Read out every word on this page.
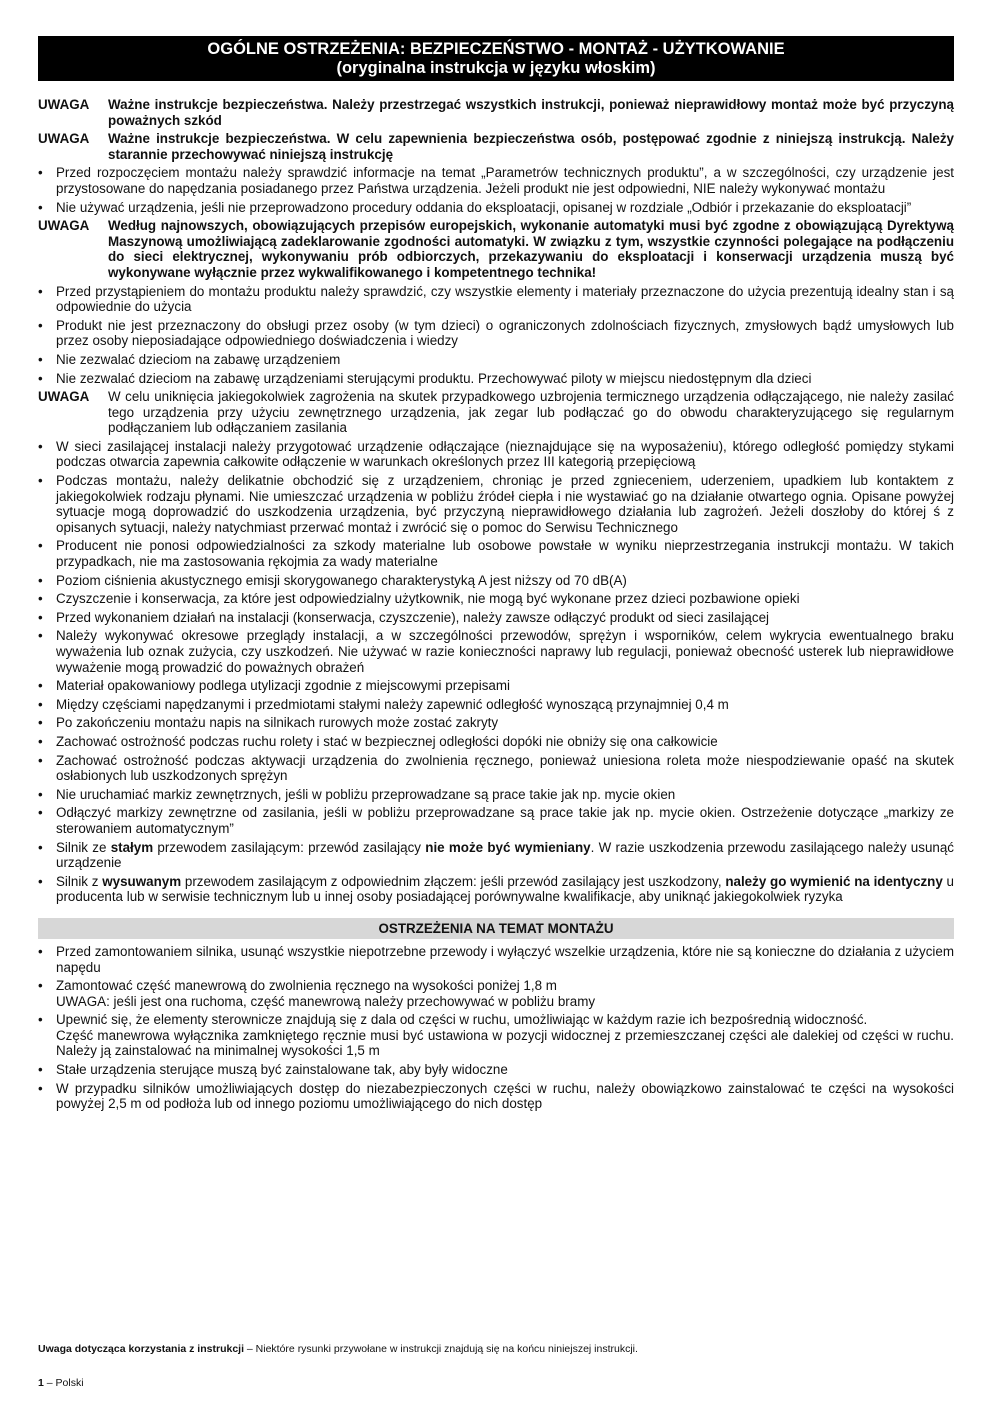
OGÓLNE OSTRZEŻENIA: BEZPIECZEŃSTWO - MONTAŻ - UŻYTKOWANIE
(oryginalna instrukcja w języku włoskim)
UWAGA	Ważne instrukcje bezpieczeństwa. Należy przestrzegać wszystkich instrukcji, ponieważ nieprawidłowy montaż może być przyczyną poważnych szkód
UWAGA	Ważne instrukcje bezpieczeństwa. W celu zapewnienia bezpieczeństwa osób, postępować zgodnie z niniejszą instrukcją. Należy starannie przechowywać niniejszą instrukcję
• Przed rozpoczęciem montażu należy sprawdzić informacje na temat „Parametrów technicznych produktu”, a w szczególności, czy urządzenie jest przystosowane do napędzania posiadanego przez Państwa urządzenia. Jeżeli produkt nie jest odpowiedni, NIE należy wykonywać montażu
• Nie używać urządzenia, jeśli nie przeprowadzono procedury oddania do eksploatacji, opisanej w rozdziale „Odbiór i przekazanie do eksploatacji”
UWAGA	Według najnowszych, obowiązujących przepisów europejskich, wykonanie automatyki musi być zgodne z obowiązującą Dyrektywą Maszynową umożliwiającą zadeklarowanie zgodności automatyki. W związku z tym, wszystkie czynności polegające na podłączeniu do sieci elektrycznej, wykonywaniu prób odbiorczych, przekazywaniu do eksploatacji i konserwacji urządzenia muszą być wykonywane wyłącznie przez wykwalifikowanego i kompetentnego technika!
• Przed przystąpieniem do montażu produktu należy sprawdzić, czy wszystkie elementy i materiały przeznaczone do użycia prezentują idealny stan i są odpowiednie do użycia
• Produkt nie jest przeznaczony do obsługi przez osoby (w tym dzieci) o ograniczonych zdolnościach fizycznych, zmysłowych bądź umysłowych lub przez osoby nieposiadające odpowiedniego doświadczenia i wiedzy
• Nie zezwalać dzieciom na zabawę urządzeniem
• Nie zezwalać dzieciom na zabawę urządzeniami sterującymi produktu. Przechowywać piloty w miejscu niedostępnym dla dzieci
UWAGA	W celu uniknięcia jakiegokolwiek zagrożenia na skutek przypadkowego uzbrojenia termicznego urządzenia odłączającego, nie należy zasilać tego urządzenia przy użyciu zewnętrznego urządzenia, jak zegar lub podłączać go do obwodu charakteryzującego się regularnym podłączaniem lub odłączaniem zasilania
• W sieci zasilającej instalacji należy przygotować urządzenie odłączające (nieznajdujące się na wyposażeniu), którego odległość pomiędzy stykami podczas otwarcia zapewnia całkowite odłączenie w warunkach określonych przez III kategorią przepięciową
• Podczas montażu, należy delikatnie obchodzić się z urządzeniem, chroniąc je przed zgnieceniem, uderzeniem, upadkiem lub kontaktem z jakiegokolwiek rodzaju płynami. Nie umieszczać urządzenia w pobliżu źródeł ciepła i nie wystawiać go na działanie otwartego ognia. Opisane powyżej sytuacje mogą doprowadzić do uszkodzenia urządzenia, być przyczyną nieprawidłowego działania lub zagrożeń. Jeżeli doszłoby do której ś z opisanych sytuacji, należy natychmiast przerwać montaż i zwrócić się o pomoc do Serwisu Technicznego
• Producent nie ponosi odpowiedzialności za szkody materialne lub osobowe powstałe w wyniku nieprzestrzegania instrukcji montażu. W takich przypadkach, nie ma zastosowania rękojmia za wady materialne
• Poziom ciśnienia akustycznego emisji skorygowanego charakterystyką A jest niższy od 70 dB(A)
• Czyszczenie i konserwacja, za które jest odpowiedzialny użytkownik, nie mogą być wykonane przez dzieci pozbawione opieki
• Przed wykonaniem działań na instalacji (konserwacja, czyszczenie), należy zawsze odłączyć produkt od sieci zasilającej
• Należy wykonywać okresowe przeglądy instalacji, a w szczególności przewodów, sprężyn i wsporników, celem wykrycia ewentualnego braku wyważenia lub oznak zużycia, czy uszkodzeń. Nie używać w razie konieczności naprawy lub regulacji, ponieważ obecność usterek lub nieprawidłowe wyważenie mogą prowadzić do poważnych obrażeń
• Materiał opakowaniowy podlega utylizacji zgodnie z miejscowymi przepisami
• Między częściami napędzanymi i przedmiotami stałymi należy zapewnić odległość wynoszącą przynajmniej 0,4 m
• Po zakończeniu montażu napis na silnikach rurowych może zostać zakryty
• Zachować ostrożność podczas ruchu rolety i stać w bezpiecznej odległości dopóki nie obniży się ona całkowicie
• Zachować ostrożność podczas aktywacji urządzenia do zwolnienia ręcznego, ponieważ uniesiona roleta może niespodziewanie opaść na skutek osłabionych lub uszkodzonych sprężyn
• Nie uruchamiać markiz zewnętrznych, jeśli w pobliżu przeprowadzane są prace takie jak np. mycie okien
• Odłączyć markizy zewnętrzne od zasilania, jeśli w pobliżu przeprowadzane są prace takie jak np. mycie okien. Ostrzeżenie dotyczące „markizy ze sterowaniem automatycznym”
• Silnik ze stałym przewodem zasilającym: przewód zasilający nie może być wymieniany. W razie uszkodzenia przewodu zasilającego należy usunąć urządzenie
• Silnik z wysuwanym przewodem zasilającym z odpowiednim złączem: jeśli przewód zasilający jest uszkodzony, należy go wymienić na identyczny u producenta lub w serwisie technicznym lub u innej osoby posiadającej porównywalne kwalifikacje, aby uniknąć jakiegokolwiek ryzyka
OSTRZEŻENIA NA TEMAT MONTAŻU
• Przed zamontowaniem silnika, usunąć wszystkie niepotrzebne przewody i wyłączyć wszelkie urządzenia, które nie są konieczne do działania z użyciem napędu
• Zamontować część manewrową do zwolnienia ręcznego na wysokości poniżej 1,8 m
UWAGA: jeśli jest ona ruchoma, część manewrową należy przechowywać w pobliżu bramy
• Upewnić się, że elementy sterownicze znajdują się z dala od części w ruchu, umożliwiając w każdym razie ich bezpośrednią widoczność.
Część manewrowa wyłącznika zamkniętego ręcznie musi być ustawiona w pozycji widocznej z przemieszczanej części ale dalekiej od części w ruchu. Należy ją zainstalować na minimalnej wysokości 1,5 m
• Stałe urządzenia sterujące muszą być zainstalowane tak, aby były widoczne
• W przypadku silników umożliwiających dostęp do niezabezpieczonych części w ruchu, należy obowiązkowo zainstalować te części na wysokości powyżej 2,5 m od podłoża lub od innego poziomu umożliwiającego do nich dostęp
Uwaga dotycząca korzystania z instrukcji – Niektóre rysunki przywołane w instrukcji znajdują się na końcu niniejszej instrukcji.
1 – Polski
